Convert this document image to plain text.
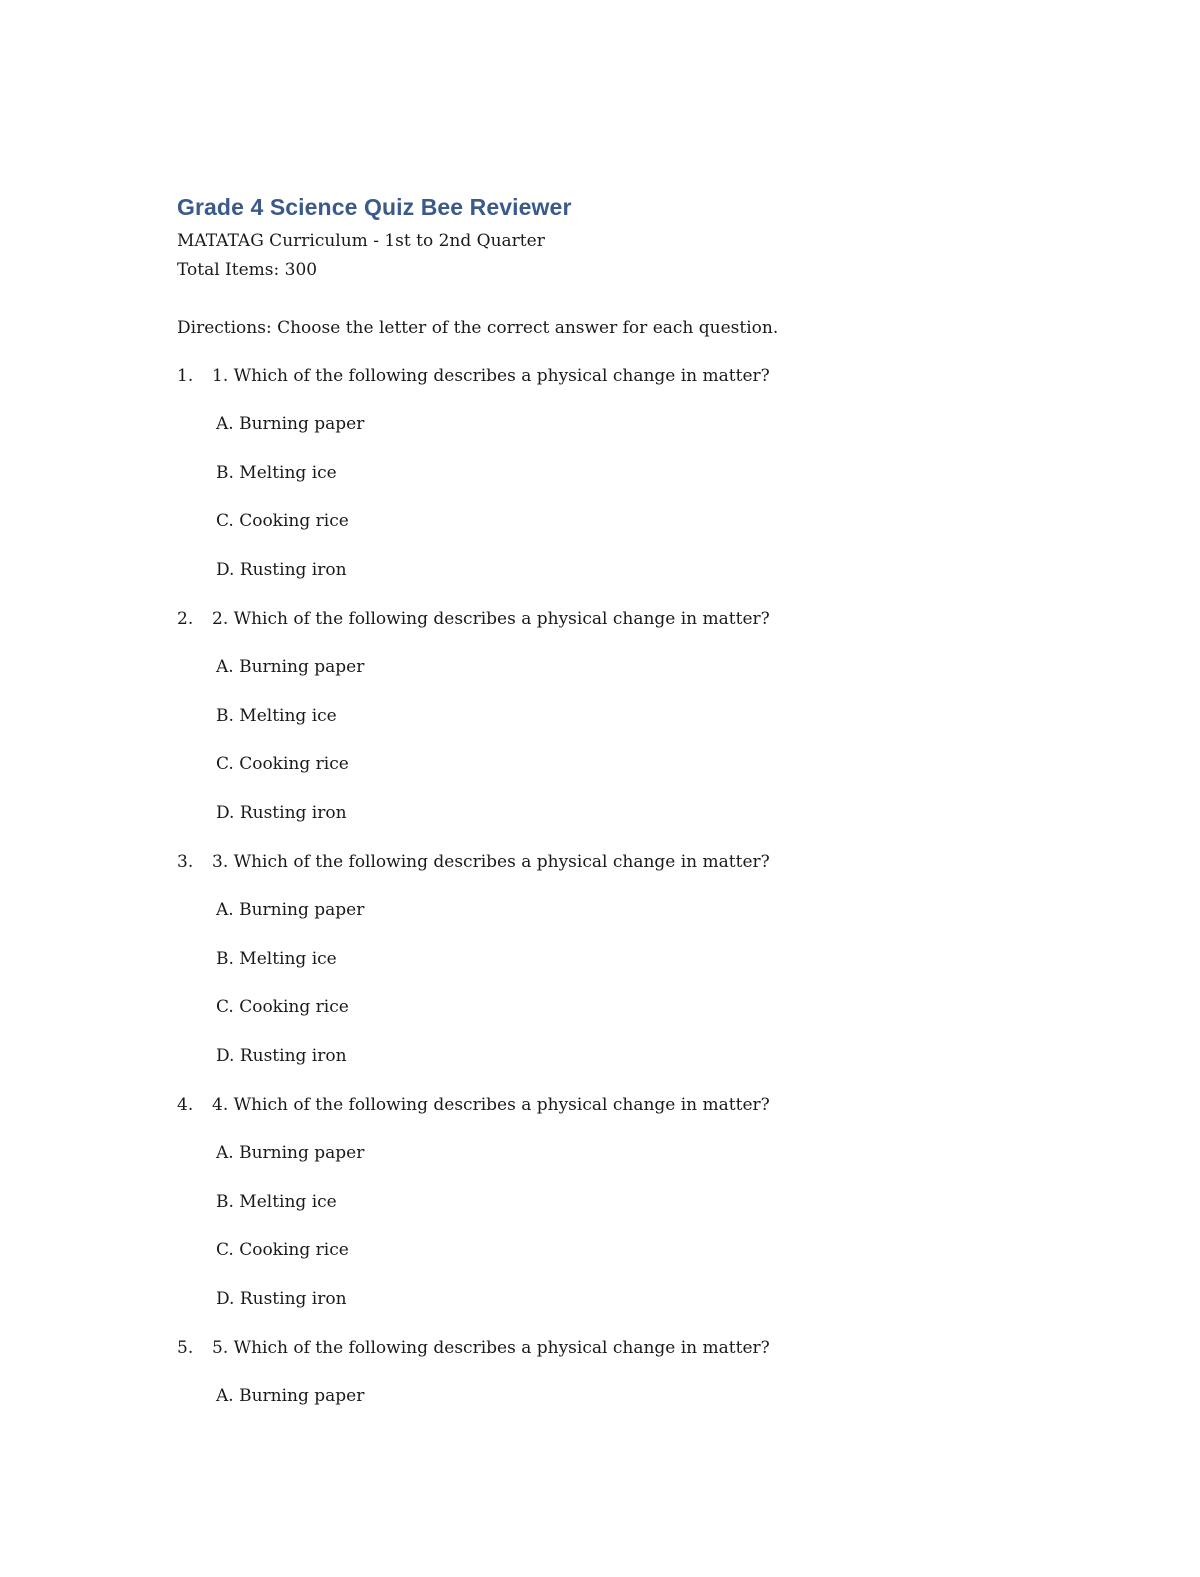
Grade 4 Science Quiz Bee Reviewer

MATATAG Curriculum - 1st to 2nd Quarter

Total Items: 300

Directions: Choose the letter of the correct answer for each question.

1.	1. Which of the following describes a physical change in matter?
A. Burning paper
B. Melting ice
C. Cooking rice
D. Rusting iron
2.	2. Which of the following describes a physical change in matter?
A. Burning paper
B. Melting ice
C. Cooking rice
D. Rusting iron
3.	3. Which of the following describes a physical change in matter?
A. Burning paper
B. Melting ice
C. Cooking rice
D. Rusting iron
4.	4. Which of the following describes a physical change in matter?
A. Burning paper
B. Melting ice
C. Cooking rice
D. Rusting iron
5.	5. Which of the following describes a physical change in matter?
A. Burning paper
